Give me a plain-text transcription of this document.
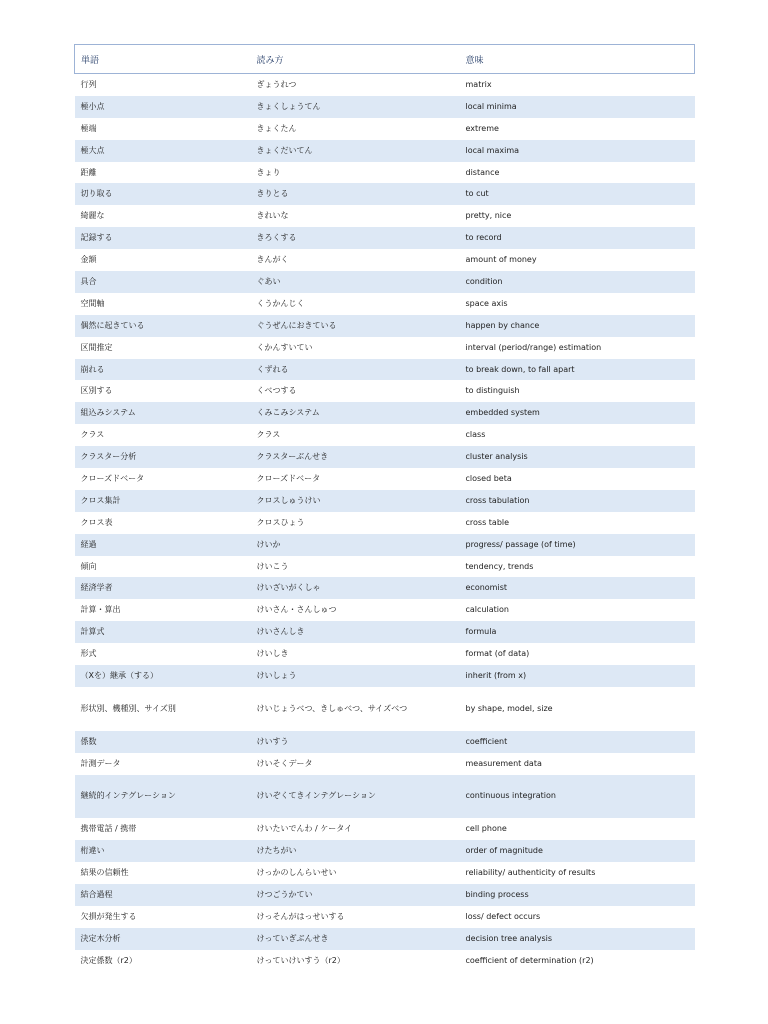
単語	読み方	意味
行列	ぎょうれつ	matrix
極小点	きょくしょうてん	local minima
極端	きょくたん	extreme
極大点	きょくだいてん	local maxima
距離	きょり	distance
切り取る	きりとる	to cut
綺麗な	きれいな	pretty, nice
記録する	きろくする	to record
金額	きんがく	amount of money
具合	ぐあい	condition
空間軸	くうかんじく	space axis
偶然に起きている	ぐうぜんにおきている	happen by chance
区間推定	くかんすいてい	interval (period/range) estimation
崩れる	くずれる	to break down, to fall apart
区別する	くべつする	to distinguish
組込みシステム	くみこみシステム	embedded system
クラス	クラス	class
クラスター分析	クラスターぶんせき	cluster analysis
クローズドベータ	クローズドベータ	closed beta
クロス集計	クロスしゅうけい	cross tabulation
クロス表	クロスひょう	cross table
経過	けいか	progress/ passage (of time)
傾向	けいこう	tendency, trends
経済学者	けいざいがくしゃ	economist
計算・算出	けいさん・さんしゅつ	calculation
計算式	けいさんしき	formula
形式	けいしき	format (of data)
（Xを）継承（する）	けいしょう	inherit (from x)
形状別、機種別、サイズ別	けいじょうべつ、きしゅべつ、サイズべつ	by shape, model, size
係数	けいすう	coefficient
計測データ	けいそくデータ	measurement data
継続的インテグレーション	けいぞくてきインテグレーション	continuous integration
携帯電話 / 携帯	けいたいでんわ / ケータイ	cell phone
桁違い	けたちがい	order of magnitude
結果の信頼性	けっかのしんらいせい	reliability/ authenticity of results
結合過程	けつごうかてい	binding process
欠損が発生する	けっそんがはっせいする	loss/ defect occurs
決定木分析	けっていぎぶんせき	decision tree analysis
決定係数（r2）	けっていけいすう（r2）	coefficient of determination (r2)
